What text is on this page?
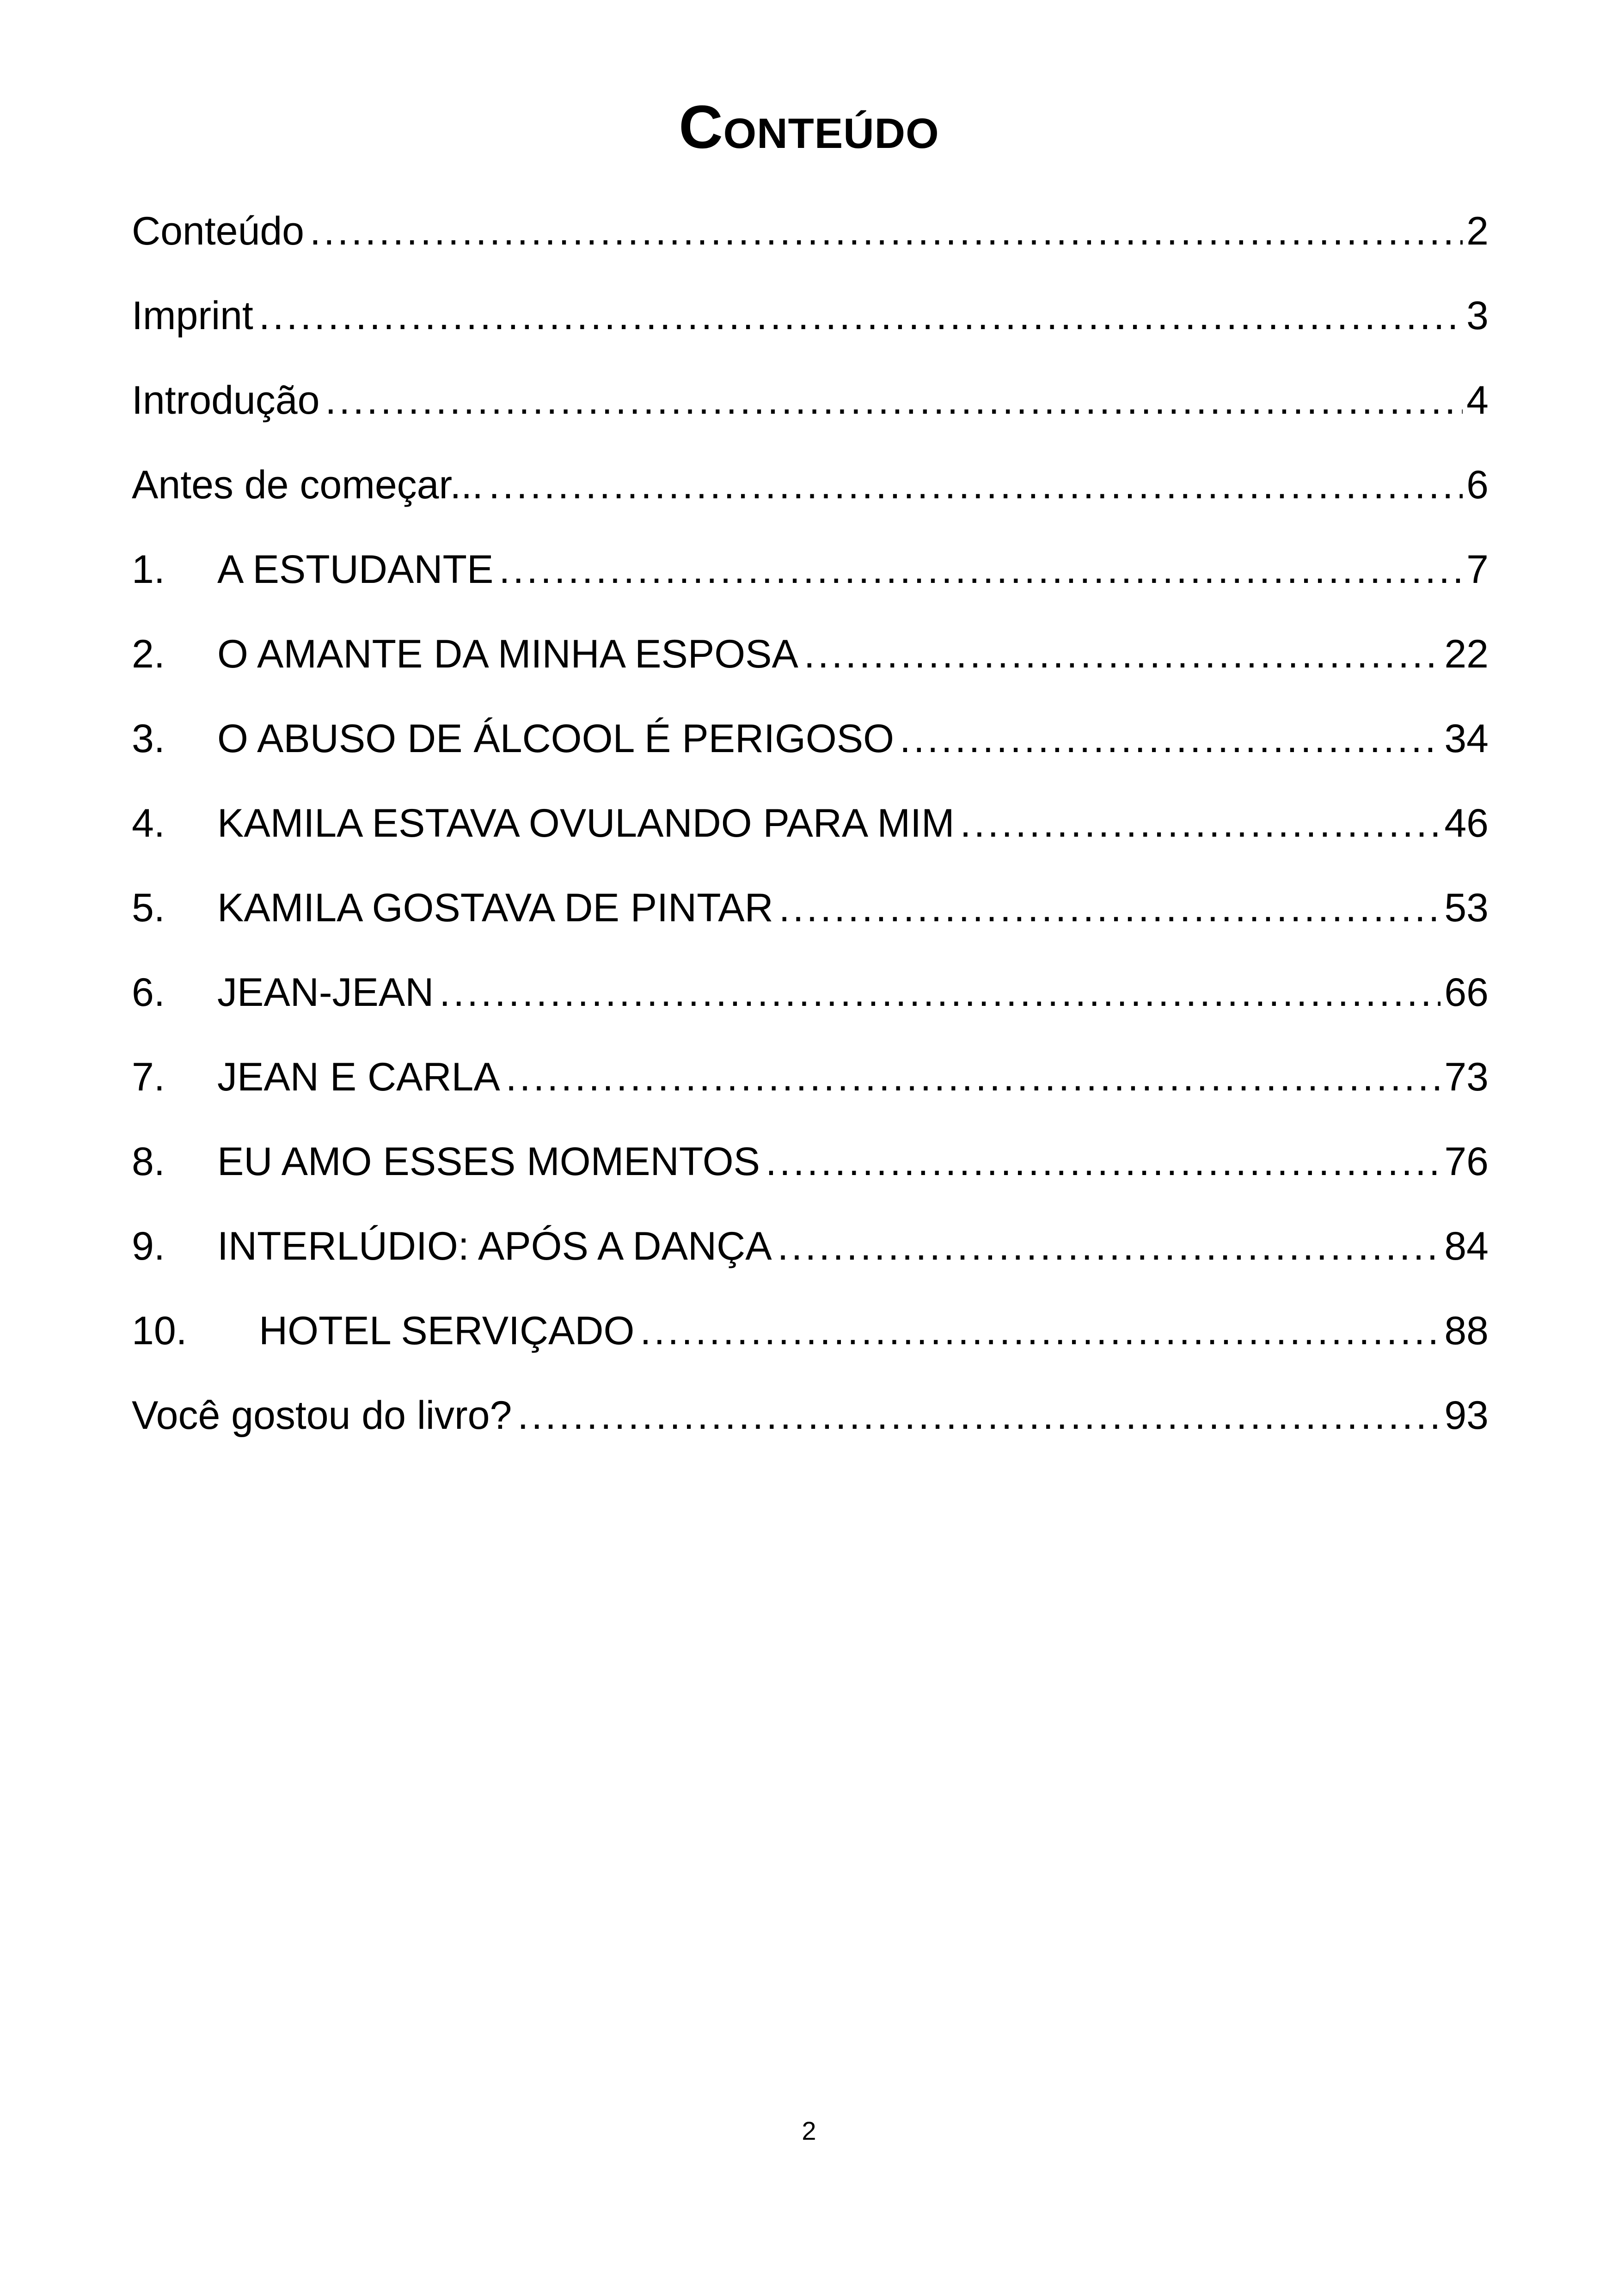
Conteúdo
Conteúdo .....	2
Imprint .....	3
Introdução .....	4
Antes de começar... .....	6
1.	A ESTUDANTE .....	7
2.	O AMANTE DA MINHA ESPOSA .....	22
3.	O ABUSO DE ÁLCOOL É PERIGOSO .....	34
4.	KAMILA ESTAVA OVULANDO PARA MIM .....	46
5.	KAMILA GOSTAVA DE PINTAR .....	53
6.	JEAN-JEAN .....	66
7.	JEAN E CARLA .....	73
8.	EU AMO ESSES MOMENTOS .....	76
9.	INTERLÚDIO: APÓS A DANÇA .....	84
10.	HOTEL SERVIÇADO .....	88
Você gostou do livro? .....	93
2
